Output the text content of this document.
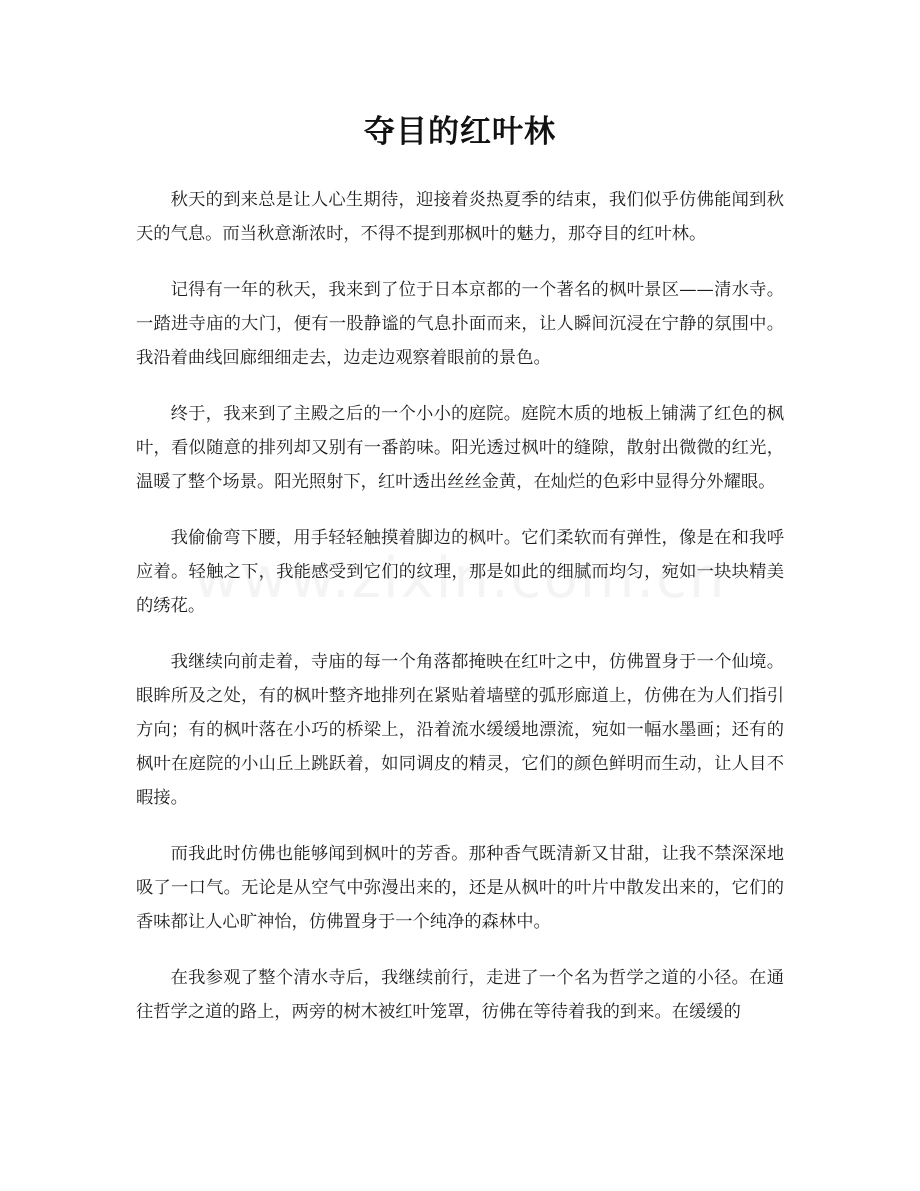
夺目的红叶林

秋天的到来总是让人心生期待，迎接着炎热夏季的结束，我们似乎仿佛能闻到秋天的气息。而当秋意渐浓时，不得不提到那枫叶的魅力，那夺目的红叶林。

记得有一年的秋天，我来到了位于日本京都的一个著名的枫叶景区——清水寺。一踏进寺庙的大门，便有一股静谧的气息扑面而来，让人瞬间沉浸在宁静的氛围中。我沿着曲线回廊细细走去，边走边观察着眼前的景色。

终于，我来到了主殿之后的一个小小的庭院。庭院木质的地板上铺满了红色的枫叶，看似随意的排列却又别有一番韵味。阳光透过枫叶的缝隙，散射出微微的红光，温暖了整个场景。阳光照射下，红叶透出丝丝金黄，在灿烂的色彩中显得分外耀眼。

我偷偷弯下腰，用手轻轻触摸着脚边的枫叶。它们柔软而有弹性，像是在和我呼应着。轻触之下，我能感受到它们的纹理，那是如此的细腻而均匀，宛如一块块精美的绣花。

我继续向前走着，寺庙的每一个角落都掩映在红叶之中，仿佛置身于一个仙境。眼眸所及之处，有的枫叶整齐地排列在紧贴着墙壁的弧形廊道上，仿佛在为人们指引方向；有的枫叶落在小巧的桥梁上，沿着流水缓缓地漂流，宛如一幅水墨画；还有的枫叶在庭院的小山丘上跳跃着，如同调皮的精灵，它们的颜色鲜明而生动，让人目不暇接。

而我此时仿佛也能够闻到枫叶的芳香。那种香气既清新又甘甜，让我不禁深深地吸了一口气。无论是从空气中弥漫出来的，还是从枫叶的叶片中散发出来的，它们的香味都让人心旷神怡，仿佛置身于一个纯净的森林中。

在我参观了整个清水寺后，我继续前行，走进了一个名为哲学之道的小径。在通往哲学之道的路上，两旁的树木被红叶笼罩，彷佛在等待着我的到来。在缓缓的
